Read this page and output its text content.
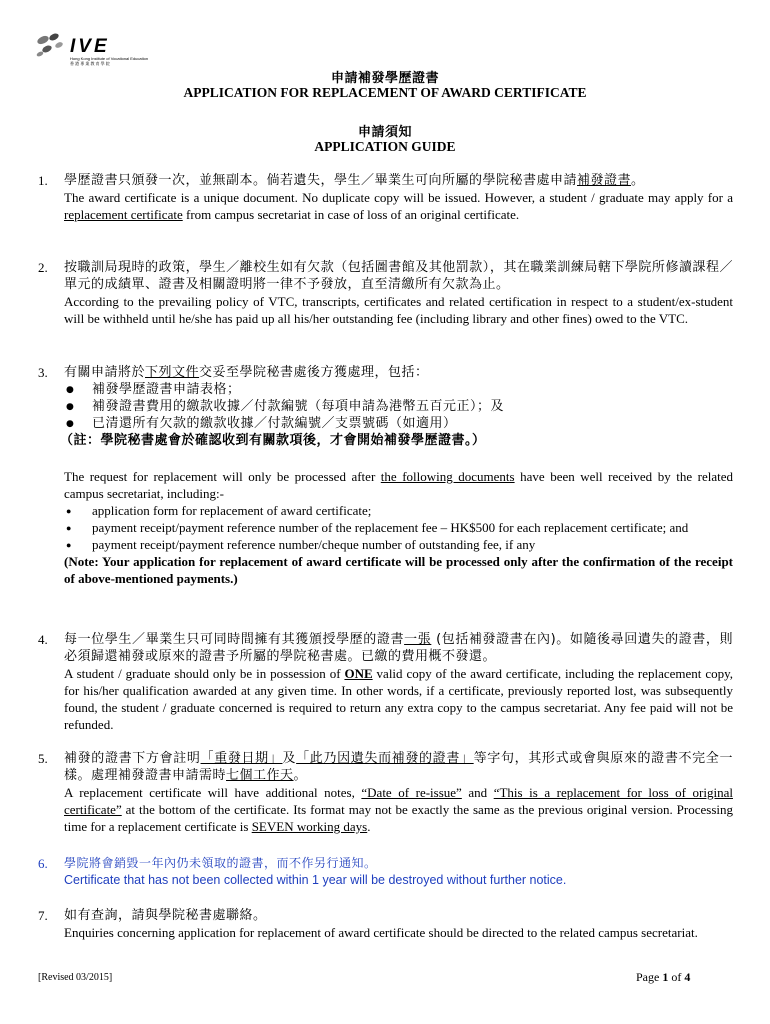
IVE
Hong Kong Institute of Vocational Education
香 港 專 業 教 育 學 院
申請補發學歷證書
APPLICATION FOR REPLACEMENT OF AWARD CERTIFICATE
申請須知
APPLICATION GUIDE
1. 學歷證書只頒發一次，並無副本。倘若遺失，學生／畢業生可向所屬的學院秘書處申請補發證書。
The award certificate is a unique document. No duplicate copy will be issued. However, a student / graduate may apply for a replacement certificate from campus secretariat in case of loss of an original certificate.
2. 按職訓局現時的政策，學生／離校生如有欠款（包括圖書館及其他罰款），其在職業訓練局轄下學院所修讀課程／單元的成績單、證書及相關證明將一律不予發放，直至清繳所有欠款為止。
According to the prevailing policy of VTC, transcripts, certificates and related certification in respect to a student/ex-student will be withheld until he/she has paid up all his/her outstanding fee (including library and other fines) owed to the VTC.
3. 有關申請將於下列文件交妥至學院秘書處後方獲處理，包括：
● 補發學歷證書申請表格；
● 補發證書費用的繳款收據／付款編號（每項申請為港幣五百元正）；及
● 已清還所有欠款的繳款收據／付款編號／支票號碼（如適用）
（註：學院秘書處會於確認收到有關款項後，才會開始補發學歷證書。）
The request for replacement will only be processed after the following documents have been well received by the related campus secretariat, including:-
● application form for replacement of award certificate;
● payment receipt/payment reference number of the replacement fee – HK$500 for each replacement certificate; and
● payment receipt/payment reference number/cheque number of outstanding fee, if any
(Note: Your application for replacement of award certificate will be processed only after the confirmation of the receipt of above-mentioned payments.)
4. 每一位學生／畢業生只可同時間擁有其獲頒授學歷的證書一張 (包括補發證書在內)。如隨後尋回遺失的證書，則必須歸還補發或原來的證書予所屬的學院秘書處。已繳的費用概不發還。
A student / graduate should only be in possession of ONE valid copy of the award certificate, including the replacement copy, for his/her qualification awarded at any given time. In other words, if a certificate, previously reported lost, was subsequently found, the student / graduate concerned is required to return any extra copy to the campus secretariat. Any fee paid will not be refunded.
5. 補發的證書下方會註明「重發日期」及「此乃因遺失而補發的證書」等字句，其形式或會與原來的證書不完全一樣。處理補發證書申請需時七個工作天。
A replacement certificate will have additional notes, “Date of re-issue” and “This is a replacement for loss of original certificate” at the bottom of the certificate. Its format may not be exactly the same as the previous original version. Processing time for a replacement certificate is SEVEN working days.
6. 學院將會銷毀一年內仍未領取的證書，而不作另行通知。
Certificate that has not been collected within 1 year will be destroyed without further notice.
7. 如有查詢，請與學院秘書處聯絡。
Enquiries concerning application for replacement of award certificate should be directed to the related campus secretariat.
[Revised 03/2015]	Page 1 of 4
